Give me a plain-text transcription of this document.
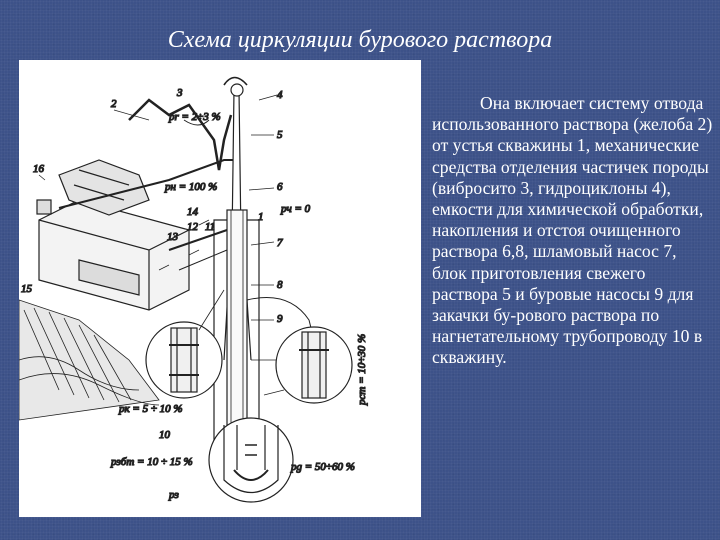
Схема циркуляции бурового раствора
1
2
3	4
5
6
7
8
9
10
11
12
13
14
15
16
pн = 100 %
pч = 0
pк = 5 ÷ 10 %
pзбт = 10 ÷ 15 %	pg = 50÷60 %
pз
pr = 2÷3 %
pст = 10÷30 %

Она включает систему отвода использованного раствора (желоба 2) от устья скважины 1, механические средства отделения частичек породы (вибросито 3, гидроциклоны 4), емкости для химической обработки, накопления и отстоя очищенного раствора 6,8, шламовый насос 7, блок приготовления свежего раствора 5 и буровые насосы 9 для закачки бу-рового раствора по нагнетательному трубопроводу 10 в скважину.
